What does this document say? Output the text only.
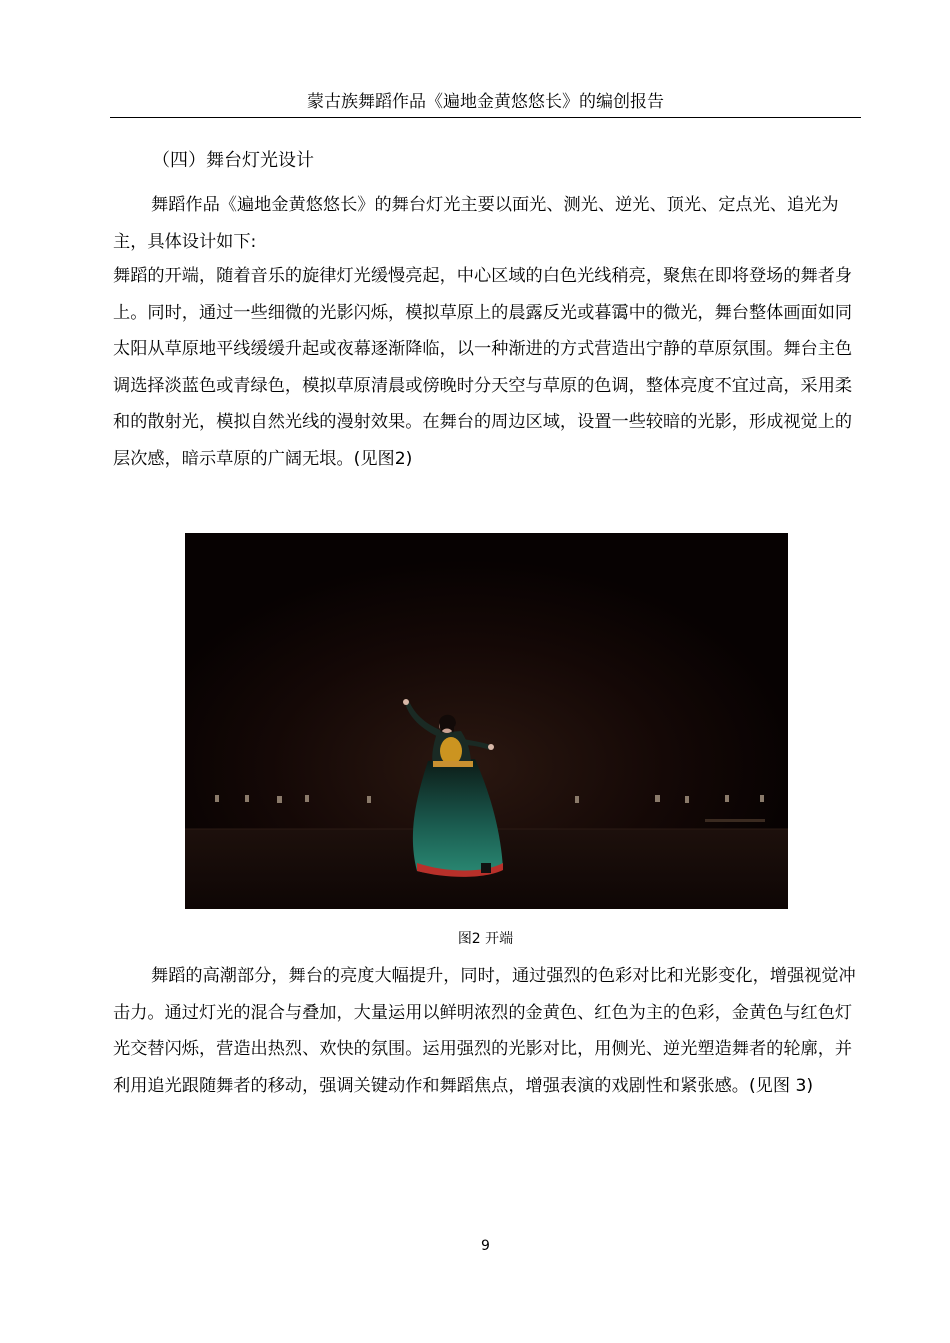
蒙古族舞蹈作品《遍地金黄悠悠长》的编创报告
（四）舞台灯光设计

舞蹈作品《遍地金黄悠悠长》的舞台灯光主要以面光、测光、逆光、顶光、定点光、追光为主，具体设计如下:

舞蹈的开端，随着音乐的旋律灯光缓慢亮起，中心区域的白色光线稍亮，聚焦在即将登场的舞者身上。同时，通过一些细微的光影闪烁，模拟草原上的晨露反光或暮霭中的微光，舞台整体画面如同太阳从草原地平线缓缓升起或夜幕逐渐降临，以一种渐进的方式营造出宁静的草原氛围。舞台主色调选择淡蓝色或青绿色，模拟草原清晨或傍晚时分天空与草原的色调，整体亮度不宜过高，采用柔和的散射光，模拟自然光线的漫射效果。在舞台的周边区域，设置一些较暗的光影，形成视觉上的层次感，暗示草原的广阔无垠。(见图2)

图2 开端

舞蹈的高潮部分，舞台的亮度大幅提升，同时，通过强烈的色彩对比和光影变化，增强视觉冲击力。通过灯光的混合与叠加，大量运用以鲜明浓烈的金黄色、红色为主的色彩，金黄色与红色灯光交替闪烁，营造出热烈、欢快的氛围。运用强烈的光影对比，用侧光、逆光塑造舞者的轮廓，并利用追光跟随舞者的移动，强调关键动作和舞蹈焦点，增强表演的戏剧性和紧张感。(见图 3)

9
